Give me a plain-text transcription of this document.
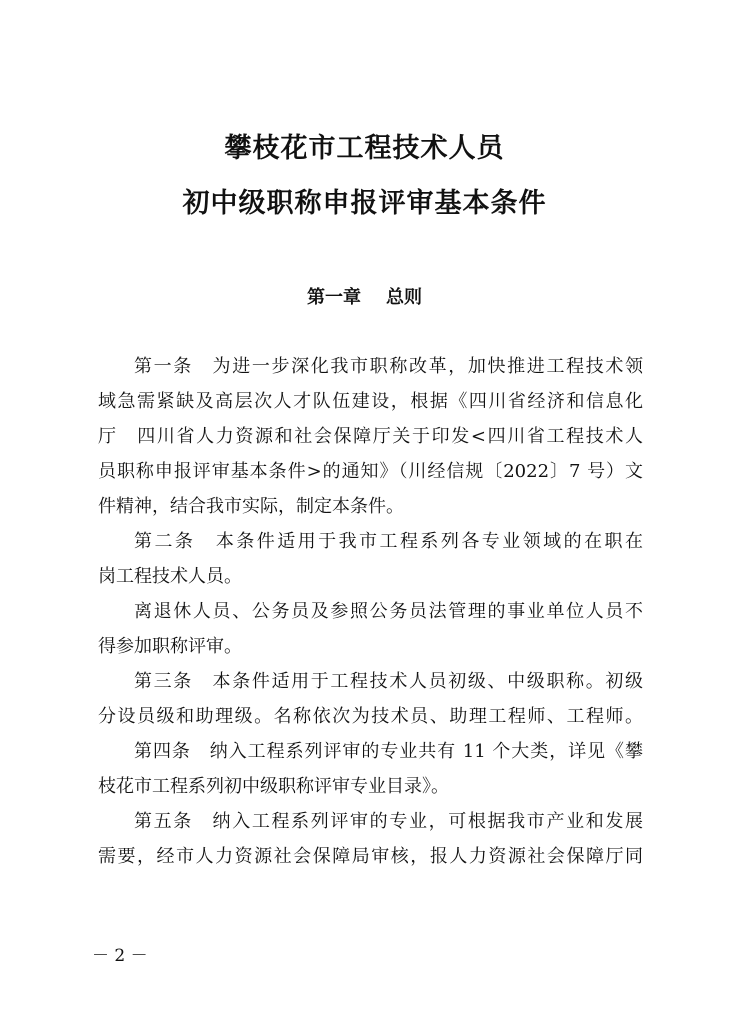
攀枝花市工程技术人员
初中级职称申报评审基本条件
第一章    总则
第一条　为进一步深化我市职称改革，加快推进工程技术领
域急需紧缺及高层次人才队伍建设，根据《四川省经济和信息化
厅　四川省人力资源和社会保障厅关于印发<四川省工程技术人
员职称申报评审基本条件>的通知》（川经信规〔2022〕7 号）文
件精神，结合我市实际，制定本条件。
第二条　本条件适用于我市工程系列各专业领域的在职在
岗工程技术人员。
离退休人员、公务员及参照公务员法管理的事业单位人员不
得参加职称评审。
第三条　本条件适用于工程技术人员初级、中级职称。初级
分设员级和助理级。名称依次为技术员、助理工程师、工程师。
第四条　纳入工程系列评审的专业共有 11 个大类，详见《攀
枝花市工程系列初中级职称评审专业目录》。
第五条　纳入工程系列评审的专业，可根据我市产业和发展
需要，经市人力资源社会保障局审核，报人力资源社会保障厅同
－ 2 －
